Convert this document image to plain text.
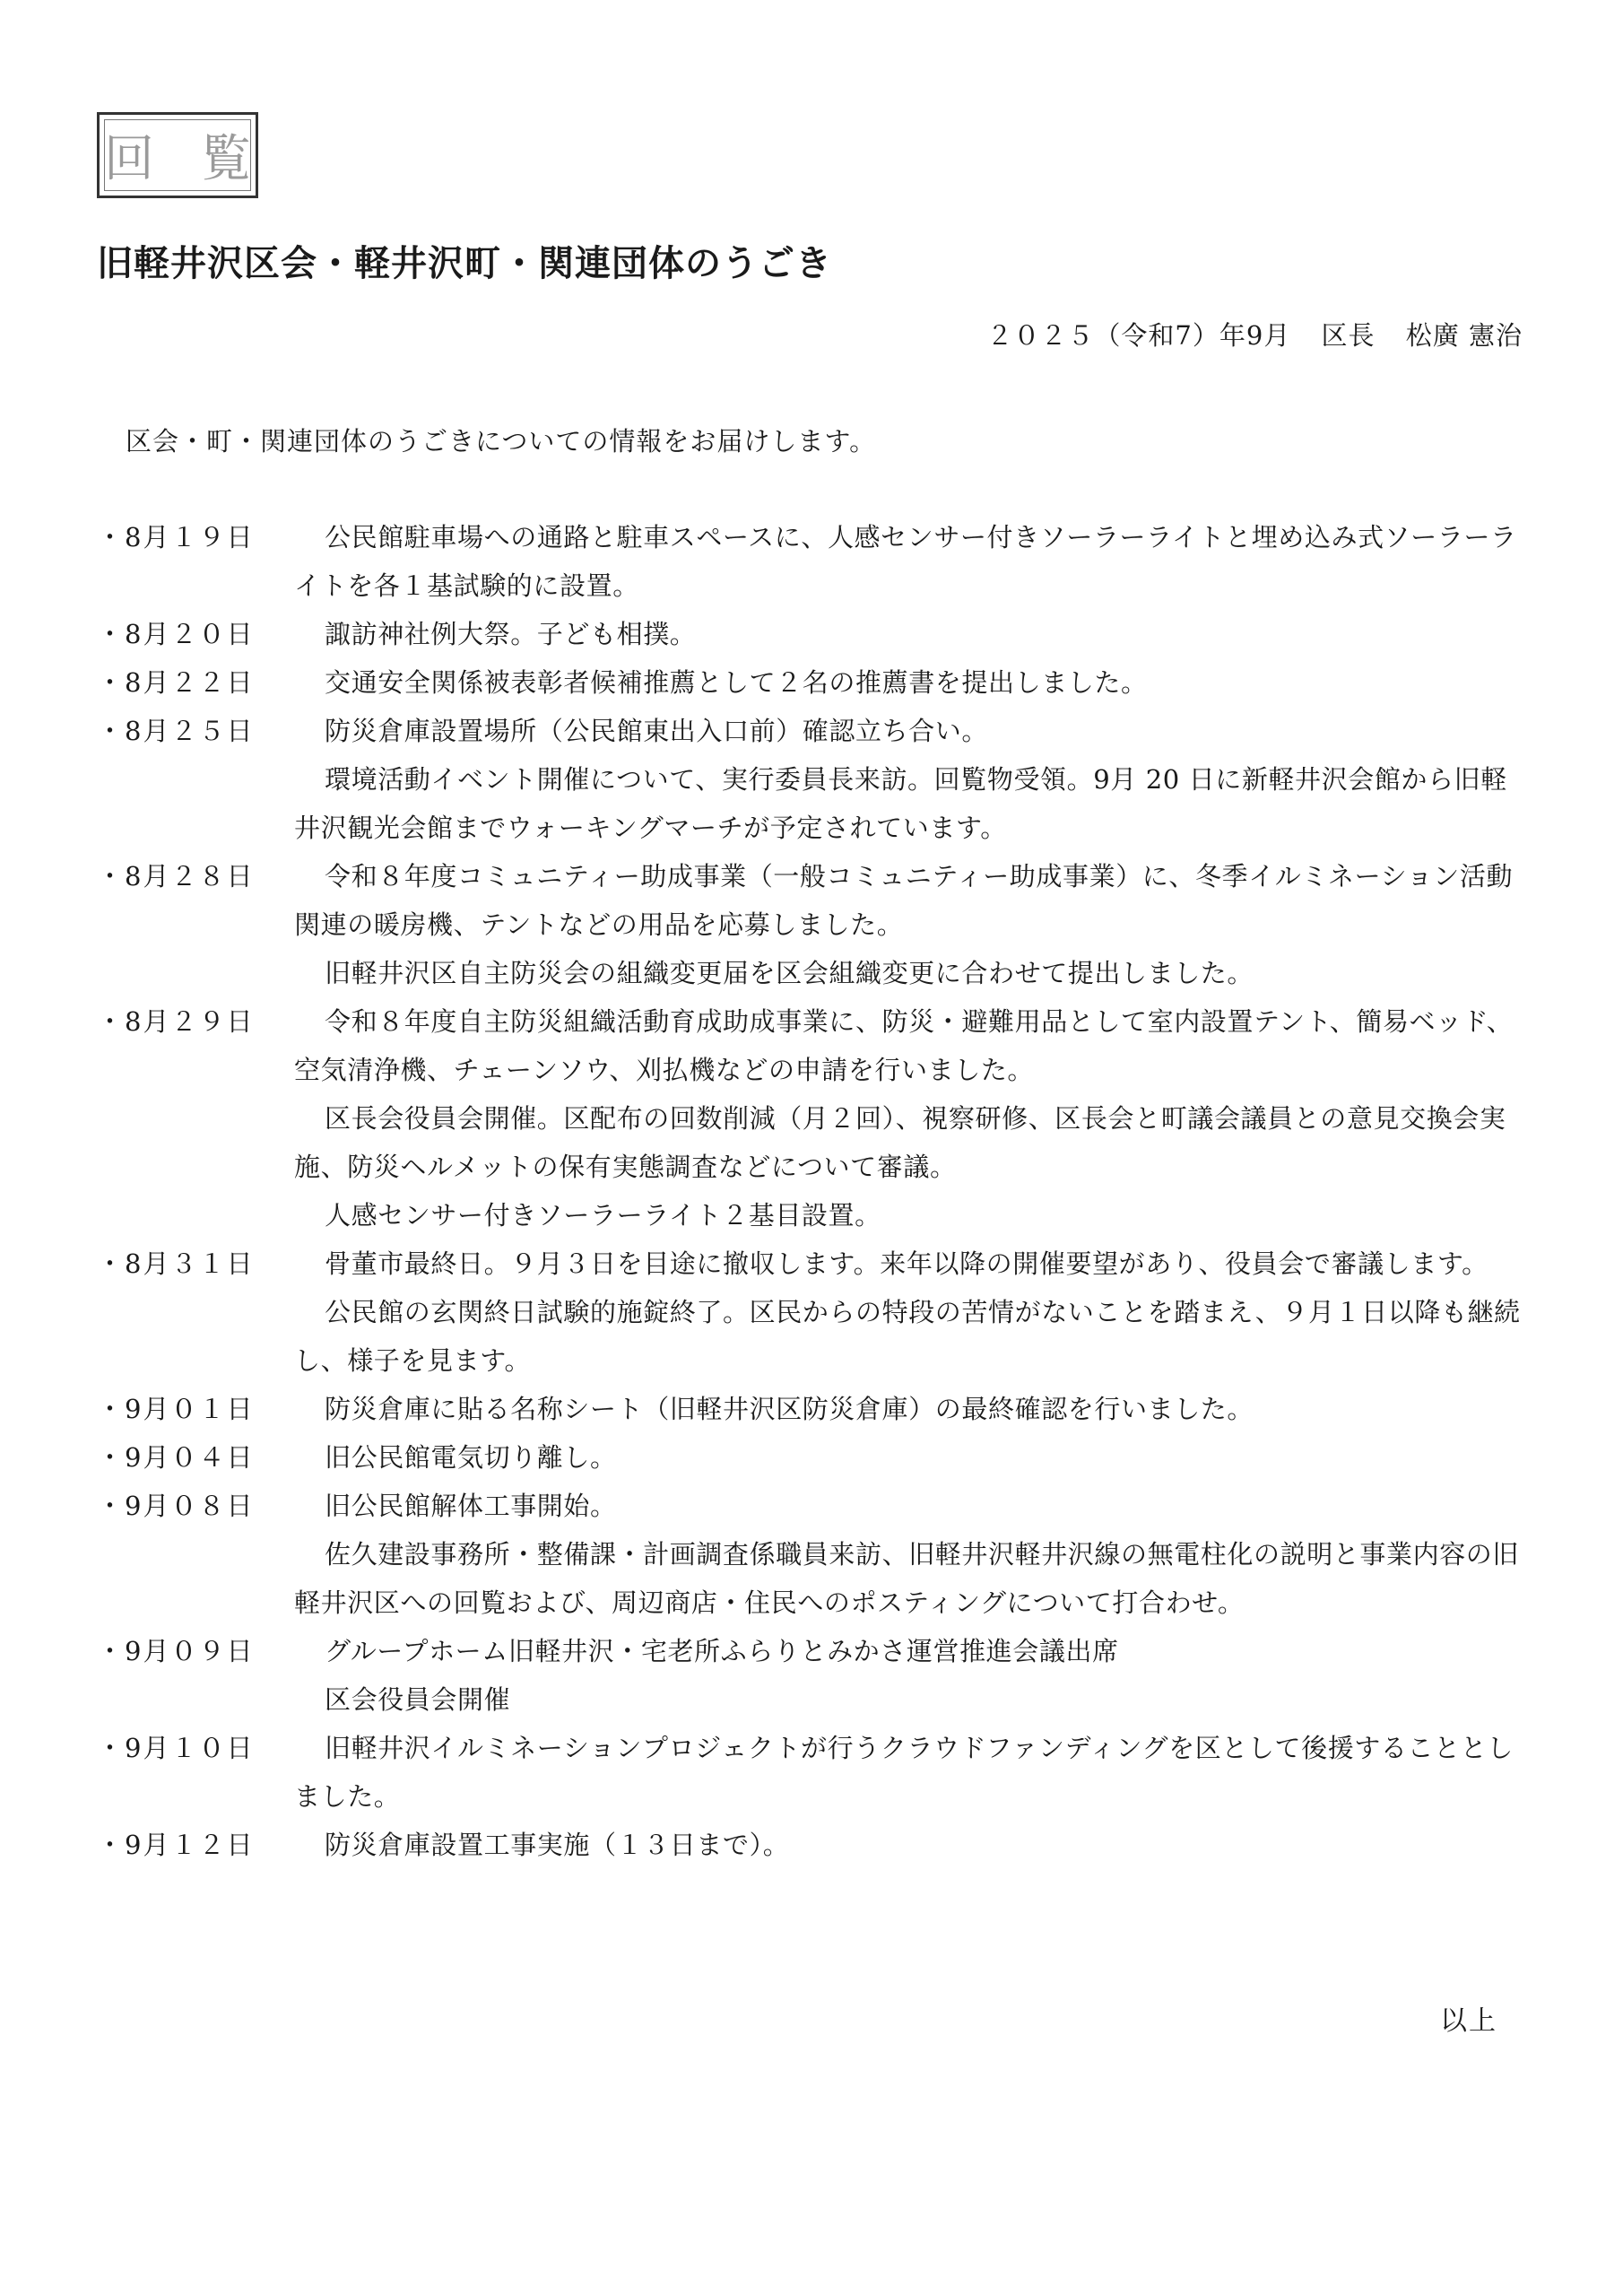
回 覧
旧軽井沢区会・軽井沢町・関連団体のうごき
２０２５（令和7）年9月 区長 松廣 憲治
区会・町・関連団体のうごきについての情報をお届けします。
・8月１９日	公民館駐車場への通路と駐車スペースに、人感センサー付きソーラーライトと埋め込み式ソーラーライトを各１基試験的に設置。
・8月２０日	諏訪神社例大祭。子ども相撲。
・8月２２日	交通安全関係被表彰者候補推薦として２名の推薦書を提出しました。
・8月２５日	防災倉庫設置場所（公民館東出入口前）確認立ち合い。
環境活動イベント開催について、実行委員長来訪。回覧物受領。9月 20 日に新軽井沢会館から旧軽井沢観光会館までウォーキングマーチが予定されています。
・8月２８日	令和８年度コミュニティー助成事業（一般コミュニティー助成事業）に、冬季イルミネーション活動関連の暖房機、テントなどの用品を応募しました。
旧軽井沢区自主防災会の組織変更届を区会組織変更に合わせて提出しました。
・8月２９日	令和８年度自主防災組織活動育成助成事業に、防災・避難用品として室内設置テント、簡易ベッド、空気清浄機、チェーンソウ、刈払機などの申請を行いました。
区長会役員会開催。区配布の回数削減（月２回）、視察研修、区長会と町議会議員との意見交換会実施、防災ヘルメットの保有実態調査などについて審議。
人感センサー付きソーラーライト２基目設置。
・8月３１日	骨董市最終日。９月３日を目途に撤収します。来年以降の開催要望があり、役員会で審議します。
公民館の玄関終日試験的施錠終了。区民からの特段の苦情がないことを踏まえ、９月１日以降も継続し、様子を見ます。
・9月０１日	防災倉庫に貼る名称シート（旧軽井沢区防災倉庫）の最終確認を行いました。
・9月０４日	旧公民館電気切り離し。
・9月０８日	旧公民館解体工事開始。
佐久建設事務所・整備課・計画調査係職員来訪、旧軽井沢軽井沢線の無電柱化の説明と事業内容の旧軽井沢区への回覧および、周辺商店・住民へのポスティングについて打合わせ。
・9月０９日	グループホーム旧軽井沢・宅老所ふらりとみかさ運営推進会議出席
区会役員会開催
・9月１０日	旧軽井沢イルミネーションプロジェクトが行うクラウドファンディングを区として後援することとしました。
・9月１２日	防災倉庫設置工事実施（１３日まで）。
以上
